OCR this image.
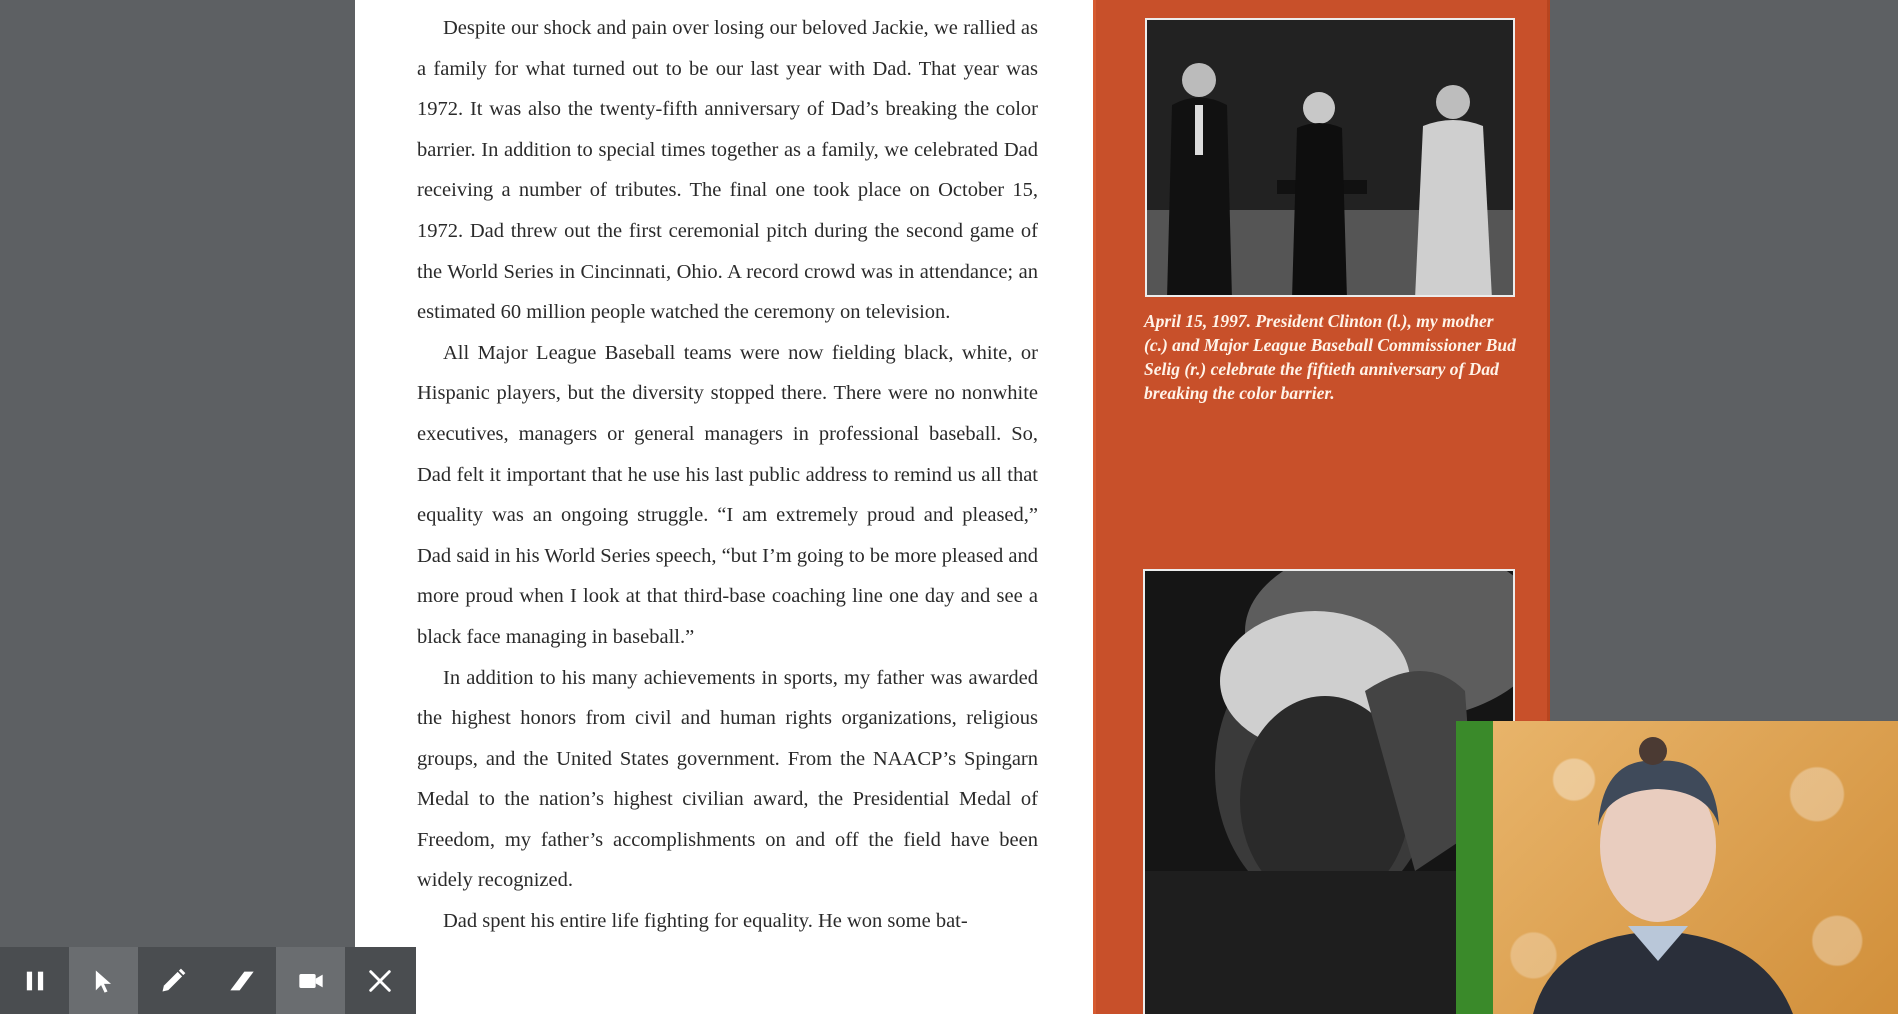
Despite our shock and pain over losing our beloved Jackie, we rallied as a family for what turned out to be our last year with Dad. That year was 1972. It was also the twenty-fifth anniversary of Dad’s breaking the color barrier. In addition to special times together as a family, we celebrated Dad receiving a number of tributes. The final one took place on October 15, 1972. Dad threw out the first ceremonial pitch during the second game of the World Series in Cincinnati, Ohio. A record crowd was in attendance; an estimated 60 million people watched the ceremony on television.

All Major League Baseball teams were now fielding black, white, or Hispanic players, but the diversity stopped there. There were no nonwhite executives, managers or general managers in professional baseball. So, Dad felt it important that he use his last public address to remind us all that equality was an ongoing struggle. “I am extremely proud and pleased,” Dad said in his World Series speech, “but I’m going to be more pleased and more proud when I look at that third-base coaching line one day and see a black face managing in baseball.”

In addition to his many achievements in sports, my father was awarded the highest honors from civil and human rights organizations, religious groups, and the United States government. From the NAACP’s Spingarn Medal to the nation’s highest civilian award, the Presidential Medal of Freedom, my father’s accomplishments on and off the field have been widely recognized.

Dad spent his entire life fighting for equality. He won some bat-

April 15, 1997. President Clinton (l.), my mother (c.) and Major League Baseball Commissioner Bud Selig (r.) celebrate the fiftieth anniversary of Dad breaking the color barrier.
